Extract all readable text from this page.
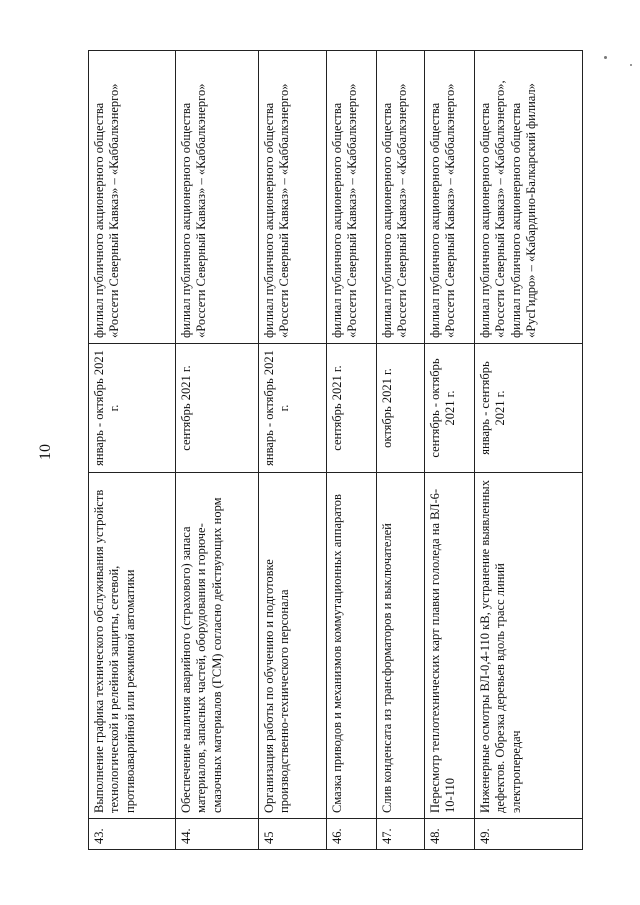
10
43.	Выполнение графика технического обслуживания устройств технологической и релейной защиты, сетевой, противоаварийной или режимной автоматики	январь - октябрь 2021 г.	филиал публичного акционерного общества «Россети Северный Кавказ» – «Каббалкэнерго»
44.	Обеспечение наличия аварийного (страхового) запаса материалов, запасных частей, оборудования и горюче-смазочных материалов (ГСМ) согласно действующих норм	сентябрь 2021 г.	филиал публичного акционерного общества «Россети Северный Кавказ» – «Каббалкэнерго»
45	Организация работы по обучению и подготовке производственно-технического персонала	январь - октябрь 2021 г.	филиал публичного акционерного общества «Россети Северный Кавказ» – «Каббалкэнерго»
46.	Смазка приводов и механизмов коммутационных аппаратов	сентябрь 2021 г.	филиал публичного акционерного общества «Россети Северный Кавказ» – «Каббалкэнерго»
47.	Слив конденсата из трансформаторов и выключателей	октябрь 2021 г.	филиал публичного акционерного общества «Россети Северный Кавказ» – «Каббалкэнерго»
48.	Пересмотр теплотехнических карт плавки гололеда на ВЛ-6-10-110	сентябрь - октябрь 2021 г.	филиал публичного акционерного общества «Россети Северный Кавказ» – «Каббалкэнерго»
49.	Инженерные осмотры ВЛ-0,4-110 кВ, устранение выявленных дефектов. Обрезка деревьев вдоль трасс линий электропередач	январь - сентябрь 2021 г.	филиал публичного акционерного общества «Россети Северный Кавказ» – «Каббалкэнерго», филиал публичного акционерного общества «РусГидро» – «Кабардино-Балкарский филиал»
